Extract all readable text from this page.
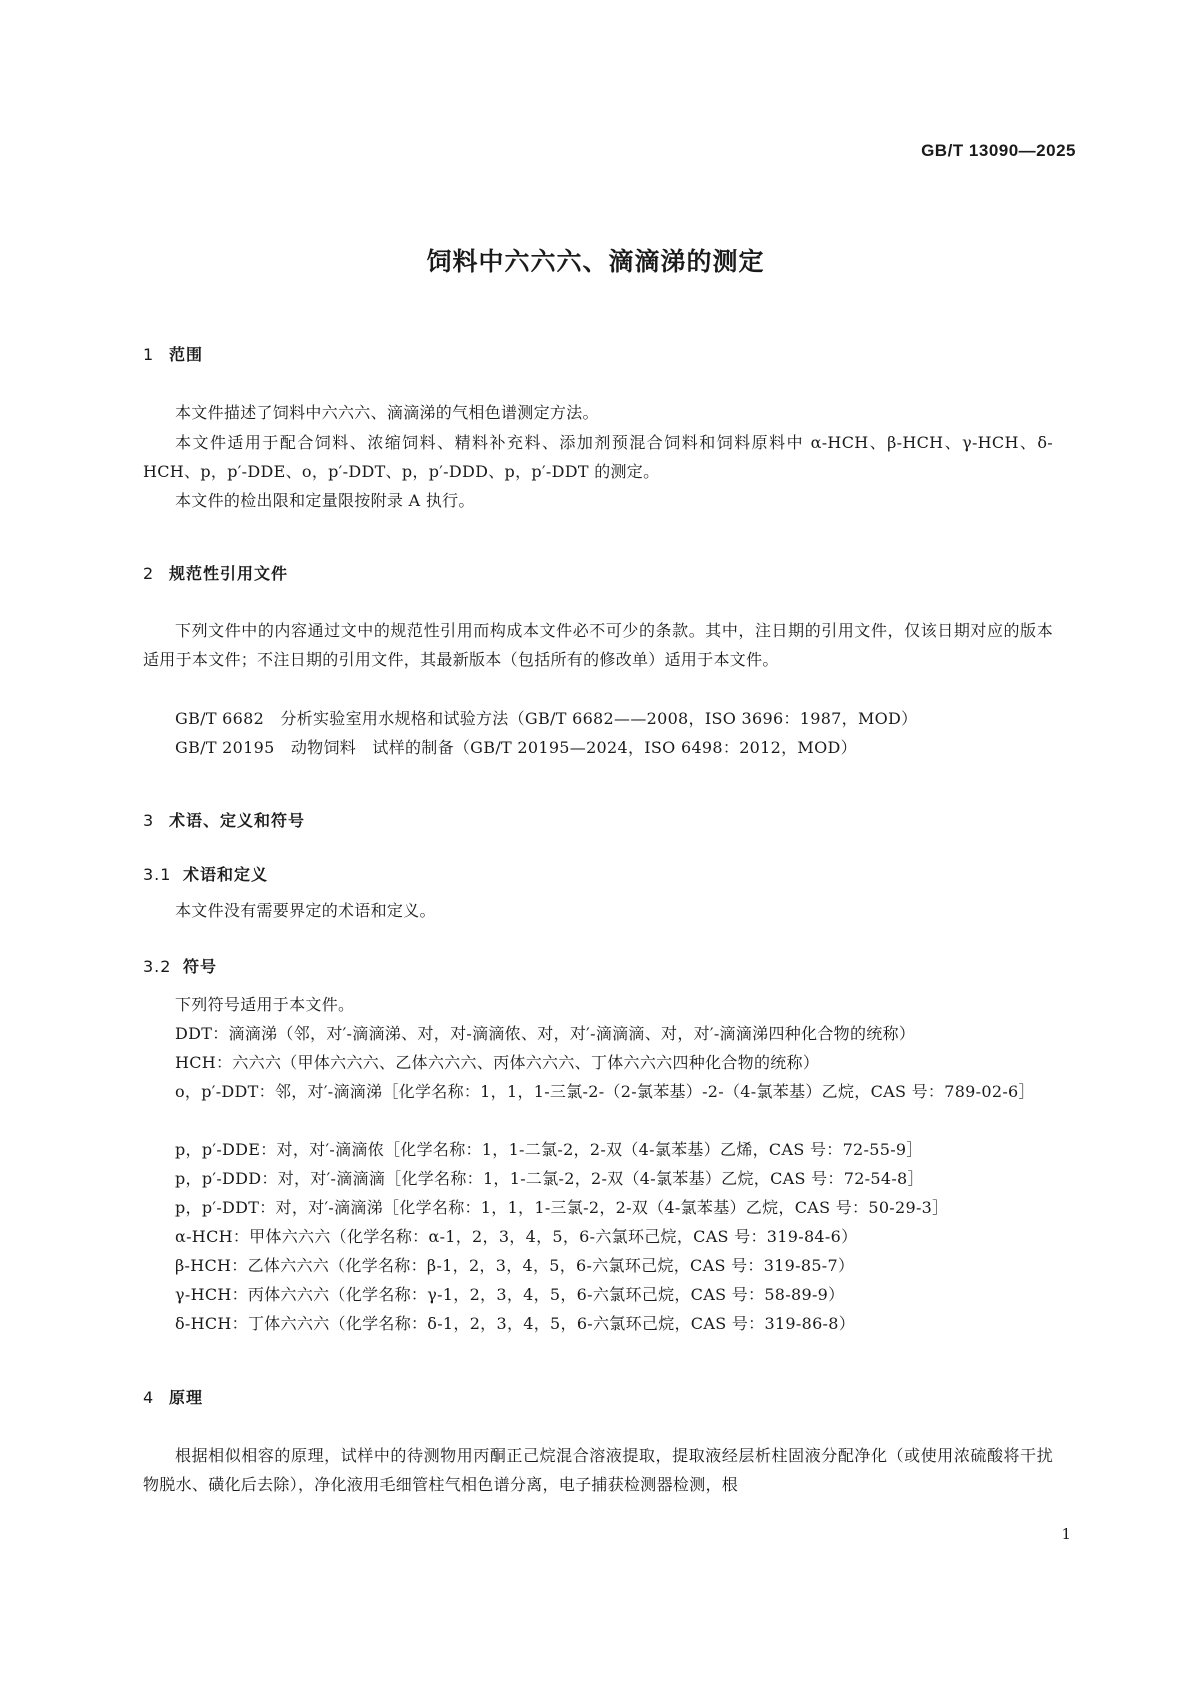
GB/T 13090—2025
饲料中六六六、滴滴涕的测定
1 范围
本文件描述了饲料中六六六、滴滴涕的气相色谱测定方法。
本文件适用于配合饲料、浓缩饲料、精料补充料、添加剂预混合饲料和饲料原料中 α-HCH、β-HCH、γ-HCH、δ-HCH、p，p′-DDE、o，p′-DDT、p，p′-DDD、p，p′-DDT 的测定。
本文件的检出限和定量限按附录 A 执行。
2 规范性引用文件
下列文件中的内容通过文中的规范性引用而构成本文件必不可少的条款。其中，注日期的引用文件，仅该日期对应的版本适用于本文件；不注日期的引用文件，其最新版本（包括所有的修改单）适用于本文件。
GB/T 6682　分析实验室用水规格和试验方法（GB/T 6682——2008，ISO 3696：1987，MOD）
GB/T 20195　动物饲料　试样的制备（GB/T 20195—2024，ISO 6498：2012，MOD）
3 术语、定义和符号
3.1 术语和定义
本文件没有需要界定的术语和定义。
3.2 符号
下列符号适用于本文件。
DDT：滴滴涕（邻，对′-滴滴涕、对，对-滴滴侬、对，对′-滴滴滴、对，对′-滴滴涕四种化合物的统称）
HCH：六六六（甲体六六六、乙体六六六、丙体六六六、丁体六六六四种化合物的统称）
o，p′-DDT：邻，对′-滴滴涕［化学名称：1，1，1-三氯-2-（2-氯苯基）-2-（4-氯苯基）乙烷，CAS 号：789-02-6］
p，p′-DDE：对，对′-滴滴侬［化学名称：1，1-二氯-2，2-双（4-氯苯基）乙烯，CAS 号：72-55-9］
p，p′-DDD：对，对′-滴滴滴［化学名称：1，1-二氯-2，2-双（4-氯苯基）乙烷，CAS 号：72-54-8］
p，p′-DDT：对，对′-滴滴涕［化学名称：1，1，1-三氯-2，2-双（4-氯苯基）乙烷，CAS 号：50-29-3］
α-HCH：甲体六六六（化学名称：α-1，2，3，4，5，6-六氯环己烷，CAS 号：319-84-6）
β-HCH：乙体六六六（化学名称：β-1，2，3，4，5，6-六氯环己烷，CAS 号：319-85-7）
γ-HCH：丙体六六六（化学名称：γ-1，2，3，4，5，6-六氯环己烷，CAS 号：58-89-9）
δ-HCH：丁体六六六（化学名称：δ-1，2，3，4，5，6-六氯环己烷，CAS 号：319-86-8）
4 原理
根据相似相容的原理，试样中的待测物用丙酮正己烷混合溶液提取，提取液经层析柱固液分配净化（或使用浓硫酸将干扰物脱水、磺化后去除），净化液用毛细管柱气相色谱分离，电子捕获检测器检测，根
1
